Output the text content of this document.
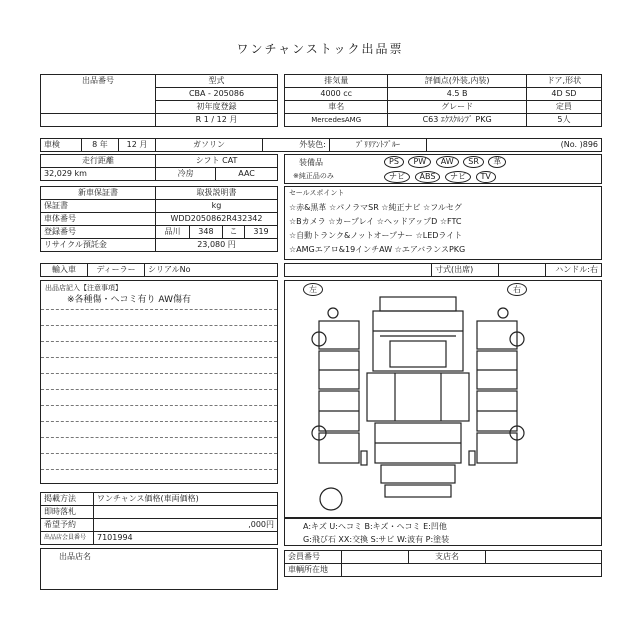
ワンチャンストック出品票
出品番号	型式
	CBA - 205086
	初年度登録
	R 1 / 12 月
排気量	評価点(外装,内装)	ドア,形状
4000 cc	4.5 B	4D SD
車名	グレード	定員
MercedesAMG	C63 ｴｸｽｸﾙｼﾌﾞ PKG	5人
車検	8 年	12 月	ガソリン	外装色:	ﾌﾞﾘﾘｱﾝﾄﾌﾞﾙｰ	(No. )896
走行距離	シフト CAT	
32,029 km	冷房	AAC
装備品
※純正品のみ
PS PW AW SR 革
ナビ ABS ナビ TV
新車保証書	取扱説明書			
保証書	kg			
車体番号	WDD2050862R432342			
登録番号	品川	348	こ	319
リサイクル預託金	23,080 円			
セールスポイント
☆赤&黒革 ☆パノラマSR ☆純正ナビ ☆フルセグ
☆Bカメラ ☆カープレイ ☆ヘッドアップD ☆FTC
☆自動トランク&ノットオープナー ☆LEDライト
☆AMGエアロ&19インチAW ☆エアバランスPKG
輸入車	ディーラー	シリアルNo
		寸式(出席)		ハンドル:右
出品店記入【注意事項】
※各種傷・ヘコミ有り AW傷有
左	右
掲載方法	ワンチャンス価格(車両価格)
即時落札	
希望予約	,000円
出品店会員番号	7101994
出品店名
A:キズ U:ヘコミ B:キズ・ヘコミ E:凹他
G:飛び石 XX:交換 S:サビ W:波有 P:塗装
会員番号		支店名	
車輌所在地			
